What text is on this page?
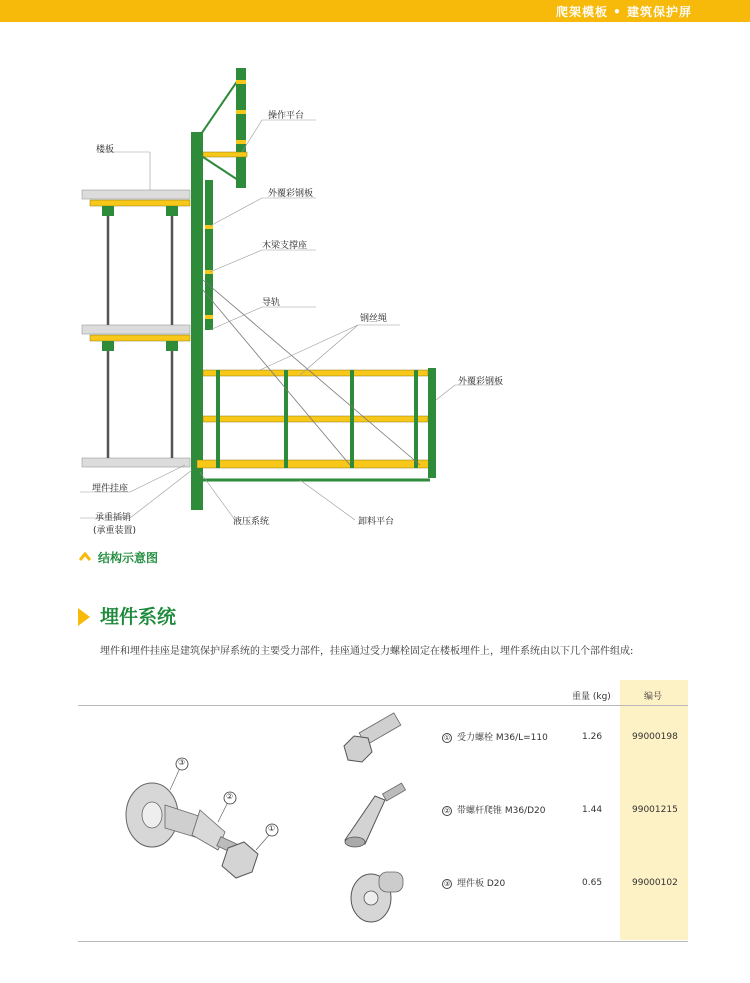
爬架模板 • 建筑保护屏
操作平台
楼板
外覆彩钢板
木梁支撑座
导轨
钢丝绳
外覆彩钢板
埋件挂座
承重插销
(承重装置)
液压系统	卸料平台
结构示意图
埋件系统
埋件和埋件挂座是建筑保护屏系统的主要受力部件，挂座通过受力螺栓固定在楼板埋件上，埋件系统由以下几个部件组成:
重量 (kg)	编号
③
②
①
① 受力螺栓 M36/L=110	1.26	99000198
② 带螺杆爬锥 M36/D20	1.44	99001215
③ 埋件板 D20	0.65	99000102
